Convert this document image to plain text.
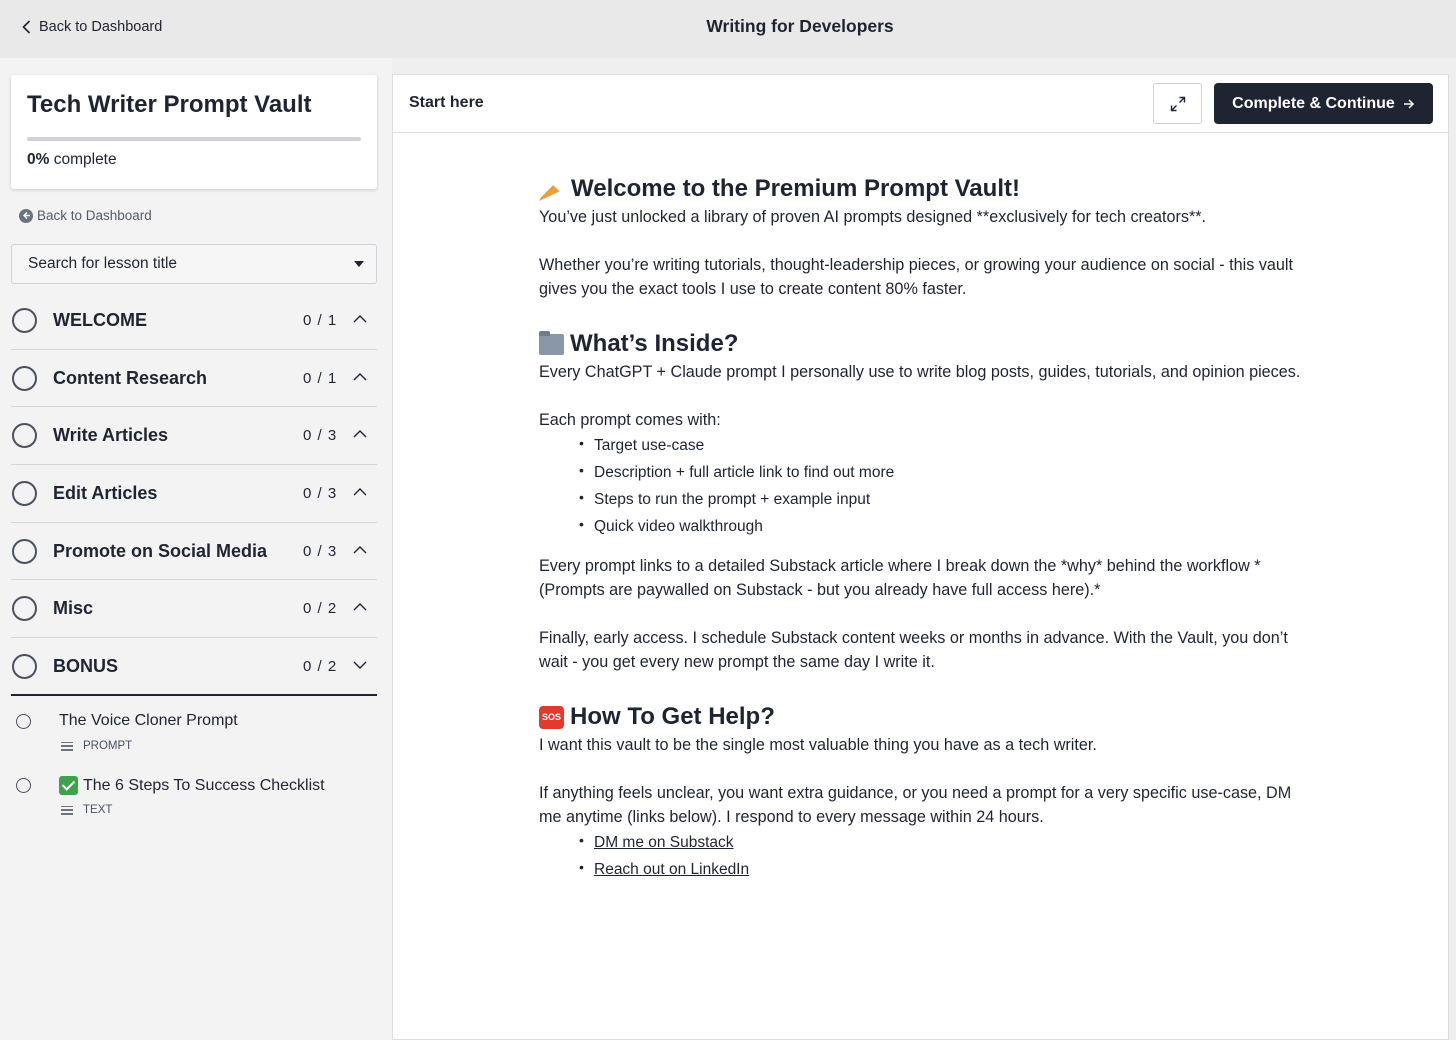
Back to Dashboard	Writing for Developers
Tech Writer Prompt Vault
0% complete
Back to Dashboard
Search for lesson title
WELCOME	0 / 1
Content Research	0 / 1
Write Articles	0 / 3
Edit Articles	0 / 3
Promote on Social Media 0 / 3
Misc	0 / 2
BONUS	0 / 2
The Voice Cloner Prompt
PROMPT
The 6 Steps To Success Checklist
TEXT
Start here	Complete & Continue
Welcome to the Premium Prompt Vault!

You’ve just unlocked a library of proven AI prompts designed **exclusively for tech creators**.

Whether you’re writing tutorials, thought-leadership pieces, or growing your audience on social - this vault gives you the exact tools I use to create content 80% faster.

What’s Inside?

Every ChatGPT + Claude prompt I personally use to write blog posts, guides, tutorials, and opinion pieces.

Each prompt comes with:

• Target use-case
• Description + full article link to find out more
• Steps to run the prompt + example input
• Quick video walkthrough

Every prompt links to a detailed Substack article where I break down the *why* behind the workflow *(Prompts are paywalled on Substack - but you already have full access here).*

Finally, early access. I schedule Substack content weeks or months in advance. With the Vault, you don’t wait - you get every new prompt the same day I write it.

SOS How To Get Help?

I want this vault to be the single most valuable thing you have as a tech writer.

If anything feels unclear, you want extra guidance, or you need a prompt for a very specific use-case, DM me anytime (links below). I respond to every message within 24 hours.

• DM me on Substack
• Reach out on LinkedIn
